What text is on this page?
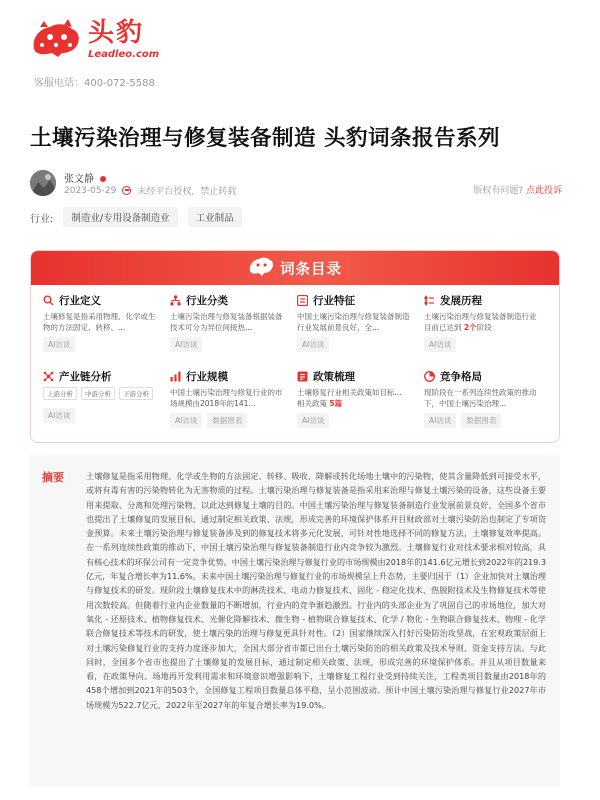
头豹
Leadleo.com
客服电话：400-072-5588
土壤污染治理与修复装备制造 头豹词条报告系列
张文静
2023-05-29 未经平台授权，禁止转载	版权有问题? 点此投诉
行业:	制造业/专用设备制造业	工业制品
词条目录
行业定义
土壤修复是指采用物理、化学或生物的方法固定、转移、...
AI访谈
行业分类
土壤污染治理与修复装备根据装备技术可分为异位间接热...
AI访谈
行业特征
中国土壤污染治理与修复装备制造行业发展前景良好，全...
AI访谈
发展历程
土壤污染治理与修复装备制造行业
目前已达到 2个阶段
AI访谈
产业链分析
上游分析	中游分析	下游分析
AI访谈
行业规模
中国土壤污染治理与修复行业的市场规模由2018年的141...
AI访谈	数据图表
政策梳理
土壤修复行业相关政策如目标...
相关政策 5篇
AI访谈
竞争格局
现阶段在一系列连续性政策的推动下，中国土壤污染治理...
AI访谈	数据图表
摘要	土壤修复是指采用物理、化学或生物的方法固定、转移、吸收、降解或转化场地土壤中的污染物，使其含量降低到可接受水平，或将有毒有害的污染物转化为无害物质的过程。土壤污染治理与修复装备是指采用来治理与修复土壤污染的设备，这些设备主要用来提取、分离和处理污染物，以此达到修复土壤的目的。中国土壤污染治理与修复装备制造行业发展前景良好，全国多个省市也提出了土壤修复的发展目标，通过制定相关政策、法规，形成完善的环境保护体系并目财政部对土壤污染防治也制定了专项资金预算。未来土壤污染治理与修复装备涉及到的修复技术将多元化发展，可针对性地选择不同的修复方法，土壤修复效率提高。在一系列连续性政策的推动下，中国土壤污染治理与修复装备制造行业内竞争较为激烈。土壤修复行业对技术要求相对较高，具有核心技术的环保公司有一定竞争优势。中国土壤污染治理与修复行业的市场规模由2018年的141.6亿元增长到2022年的219.3亿元，年复合增长率为11.6%。未来中国土壤污染治理与修复行业的市场规模呈上升态势，主要归因于（1）企业加快对土壤治理与修复技术的研发。现阶段土壤修复技术中的淋洗技术、电动力修复技术、固化 - 稳定化技术、热脱附技术及生物修复技术等使用次数较高。但随着行业内企业数量的不断增加，行业内的竞争渐趋激烈。行业内的头部企业为了巩固自己的市场地位，加大对氧化 - 还原技术、植物修复技术、光催化降解技术、微生物 - 植物联合修复技术、化学 / 物化 - 生物联合修复技术、物理 - 化学联合修复技术等技术的研发，使土壤污染的治理与修复更具针对性。（2）国家继续深入打好污染防治攻坚战，在宏观政策层面上对土壤污染修复行业的支持力度逐步加大，全国大部分省市都已出台土壤污染防治的相关政策及技术导则、资金支持方法。与此同时，全国多个省市也提出了土壤修复的发展目标，通过制定相关政策、法规，形成完善的环境保护体系。并且从项目数量来看，在政策导向、场地再开发利用需求和环境意识增强影响下，土壤修复工程行业受到持续关注，工程类项目数量由2018年的458个增加到2021年的503个，全国修复工程项目数量总体平稳，呈小范围波动。预计中国土壤污染治理与修复行业2027年市场规模为522.7亿元，2022年至2027年的年复合增长率为19.0%。
